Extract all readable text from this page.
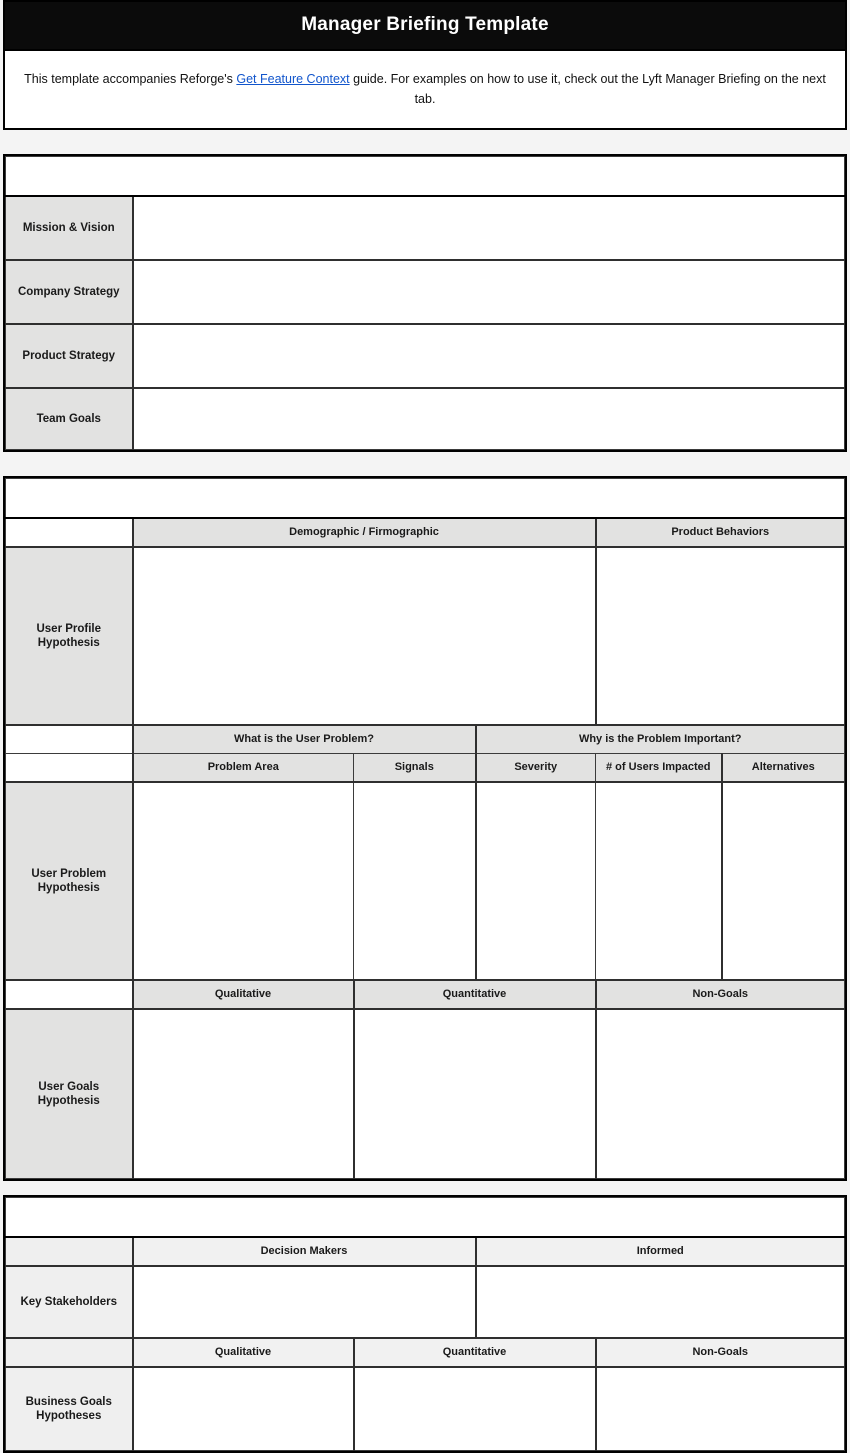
Manager Briefing Template
This template accompanies Reforge's Get Feature Context guide. For examples on how to use it, check out the Lyft Manager Briefing on the next tab.
Strategic Fit - What is the business context underlying this project?	
Mission & Vision	
Company Strategy	
Product Strategy	
Team Goals	
User Value - What is our initial hypothesis around user profile, problems and goals?					
	Demographic / Firmographic			Product Behaviors	
User Profile Hypothesis					
	What is the User Problem?		Why is the Problem Important?		
	Problem Area	Signals	Severity	# of Users Impacted	Alternatives
User Problem Hypothesis					
	Qualitative	Quantitative		Non-Goals	
User Goals Hypothesis					
Business Value - What is our initial hypothesis about business impact and goals for this feature?				
	Decision Makers		Informed	
Key Stakeholders				
	Qualitative	Quantitative		Non-Goals
Business Goals Hypotheses				
